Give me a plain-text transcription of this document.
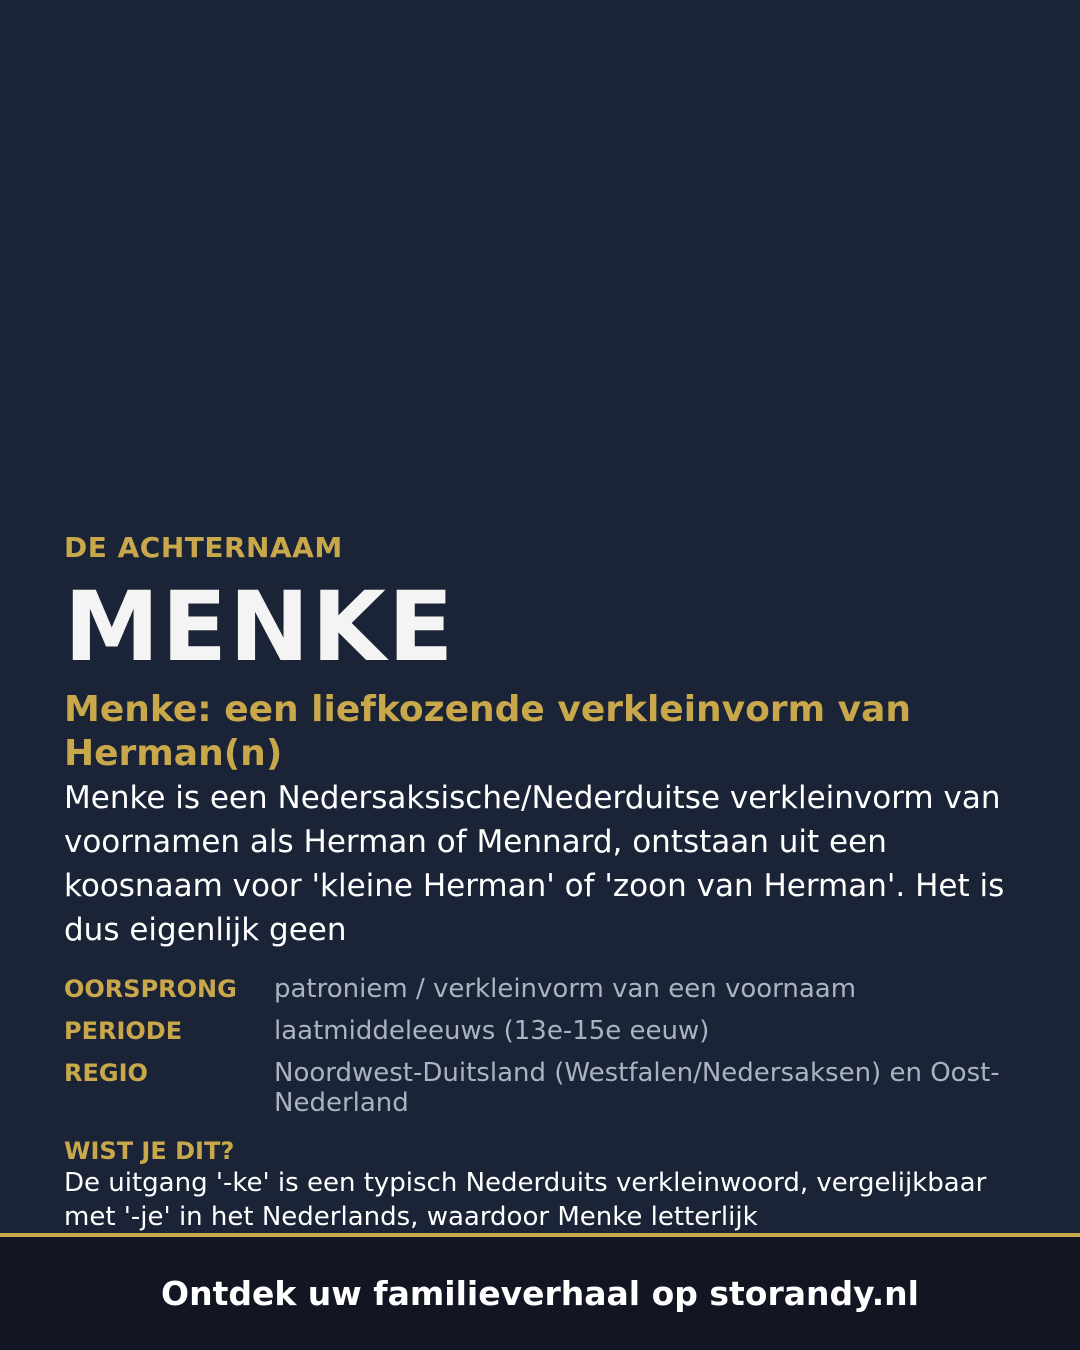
DE ACHTERNAAM
MENKE
Menke: een liefkozende verkleinvorm van Herman(n)
Menke is een Nedersaksische/Nederduitse verkleinvorm van voornamen als Herman of Mennard, ontstaan uit een koosnaam voor 'kleine Herman' of 'zoon van Herman'. Het is dus eigenlijk geen
OORSPRONG	patroniem / verkleinvorm van een voornaam
PERIODE	laatmiddeleeuws (13e-15e eeuw)
REGIO	Noordwest-Duitsland (Westfalen/Nedersaksen) en Oost-Nederland
WIST JE DIT?
De uitgang '-ke' is een typisch Nederduits verkleinwoord, vergelijkbaar met '-je' in het Nederlands, waardoor Menke letterlijk
Ontdek uw familieverhaal op storandy.nl
